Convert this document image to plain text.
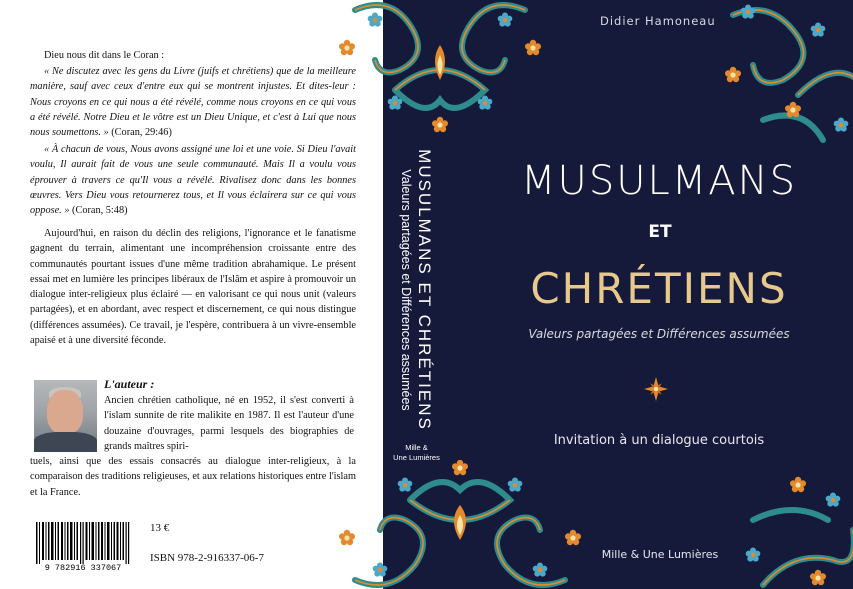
Dieu nous dit dans le Coran :

« Ne discutez avec les gens du Livre (juifs et chrétiens) que de la meilleure manière, sauf avec ceux d'entre eux qui se montrent injustes. Et dites-leur : Nous croyons en ce qui nous a été révélé, comme nous croyons en ce qui vous a été révélé. Notre Dieu et le vôtre est un Dieu Unique, et c'est à Lui que nous nous soumettons. » (Coran, 29:46)

« À chacun de vous, Nous avons assigné une loi et une voie. Si Dieu l'avait voulu, Il aurait fait de vous une seule communauté. Mais Il a voulu vous éprouver à travers ce qu'Il vous a révélé. Rivalisez donc dans les bonnes œuvres. Vers Dieu vous retournerez tous, et Il vous éclairera sur ce qui vous oppose. » (Coran, 5:48)

Aujourd'hui, en raison du déclin des religions, l'ignorance et le fanatisme gagnent du terrain, alimentant une incompréhension croissante entre des communautés pourtant issues d'une même tradition abrahamique. Le présent essai met en lumière les principes libéraux de l'Islâm et aspire à promouvoir un dialogue inter-religieux plus éclairé — en valorisant ce qui nous unit (valeurs partagées), et en abordant, avec respect et discernement, ce qui nous distingue (différences assumées). Ce travail, je l'espère, contribuera à un vivre-ensemble apaisé et à une diversité féconde.

L'auteur :

Ancien chrétien catholique, né en 1952, il s'est converti à l'islam sunnite de rite malikite en 1987. Il est l'auteur d'une douzaine d'ouvrages, parmi lesquels des biographies de grands maîtres spiri-

tuels, ainsi que des essais consacrés au dialogue inter-religieux, à la comparaison des traditions religieuses, et aux relations historiques entre l'islam et la France.

9 782916 337067
13 €
ISBN 978-2-916337-06-7
MUSULMANS ET CHRÉTIENS
Valeurs partagées et Différences assumées
Mille &
Une Lumières
Didier Hamoneau
MUSULMANS
ET
CHRÉTIENS
Valeurs partagées et Différences assumées
Invitation à un dialogue courtois
Mille & Une Lumières
